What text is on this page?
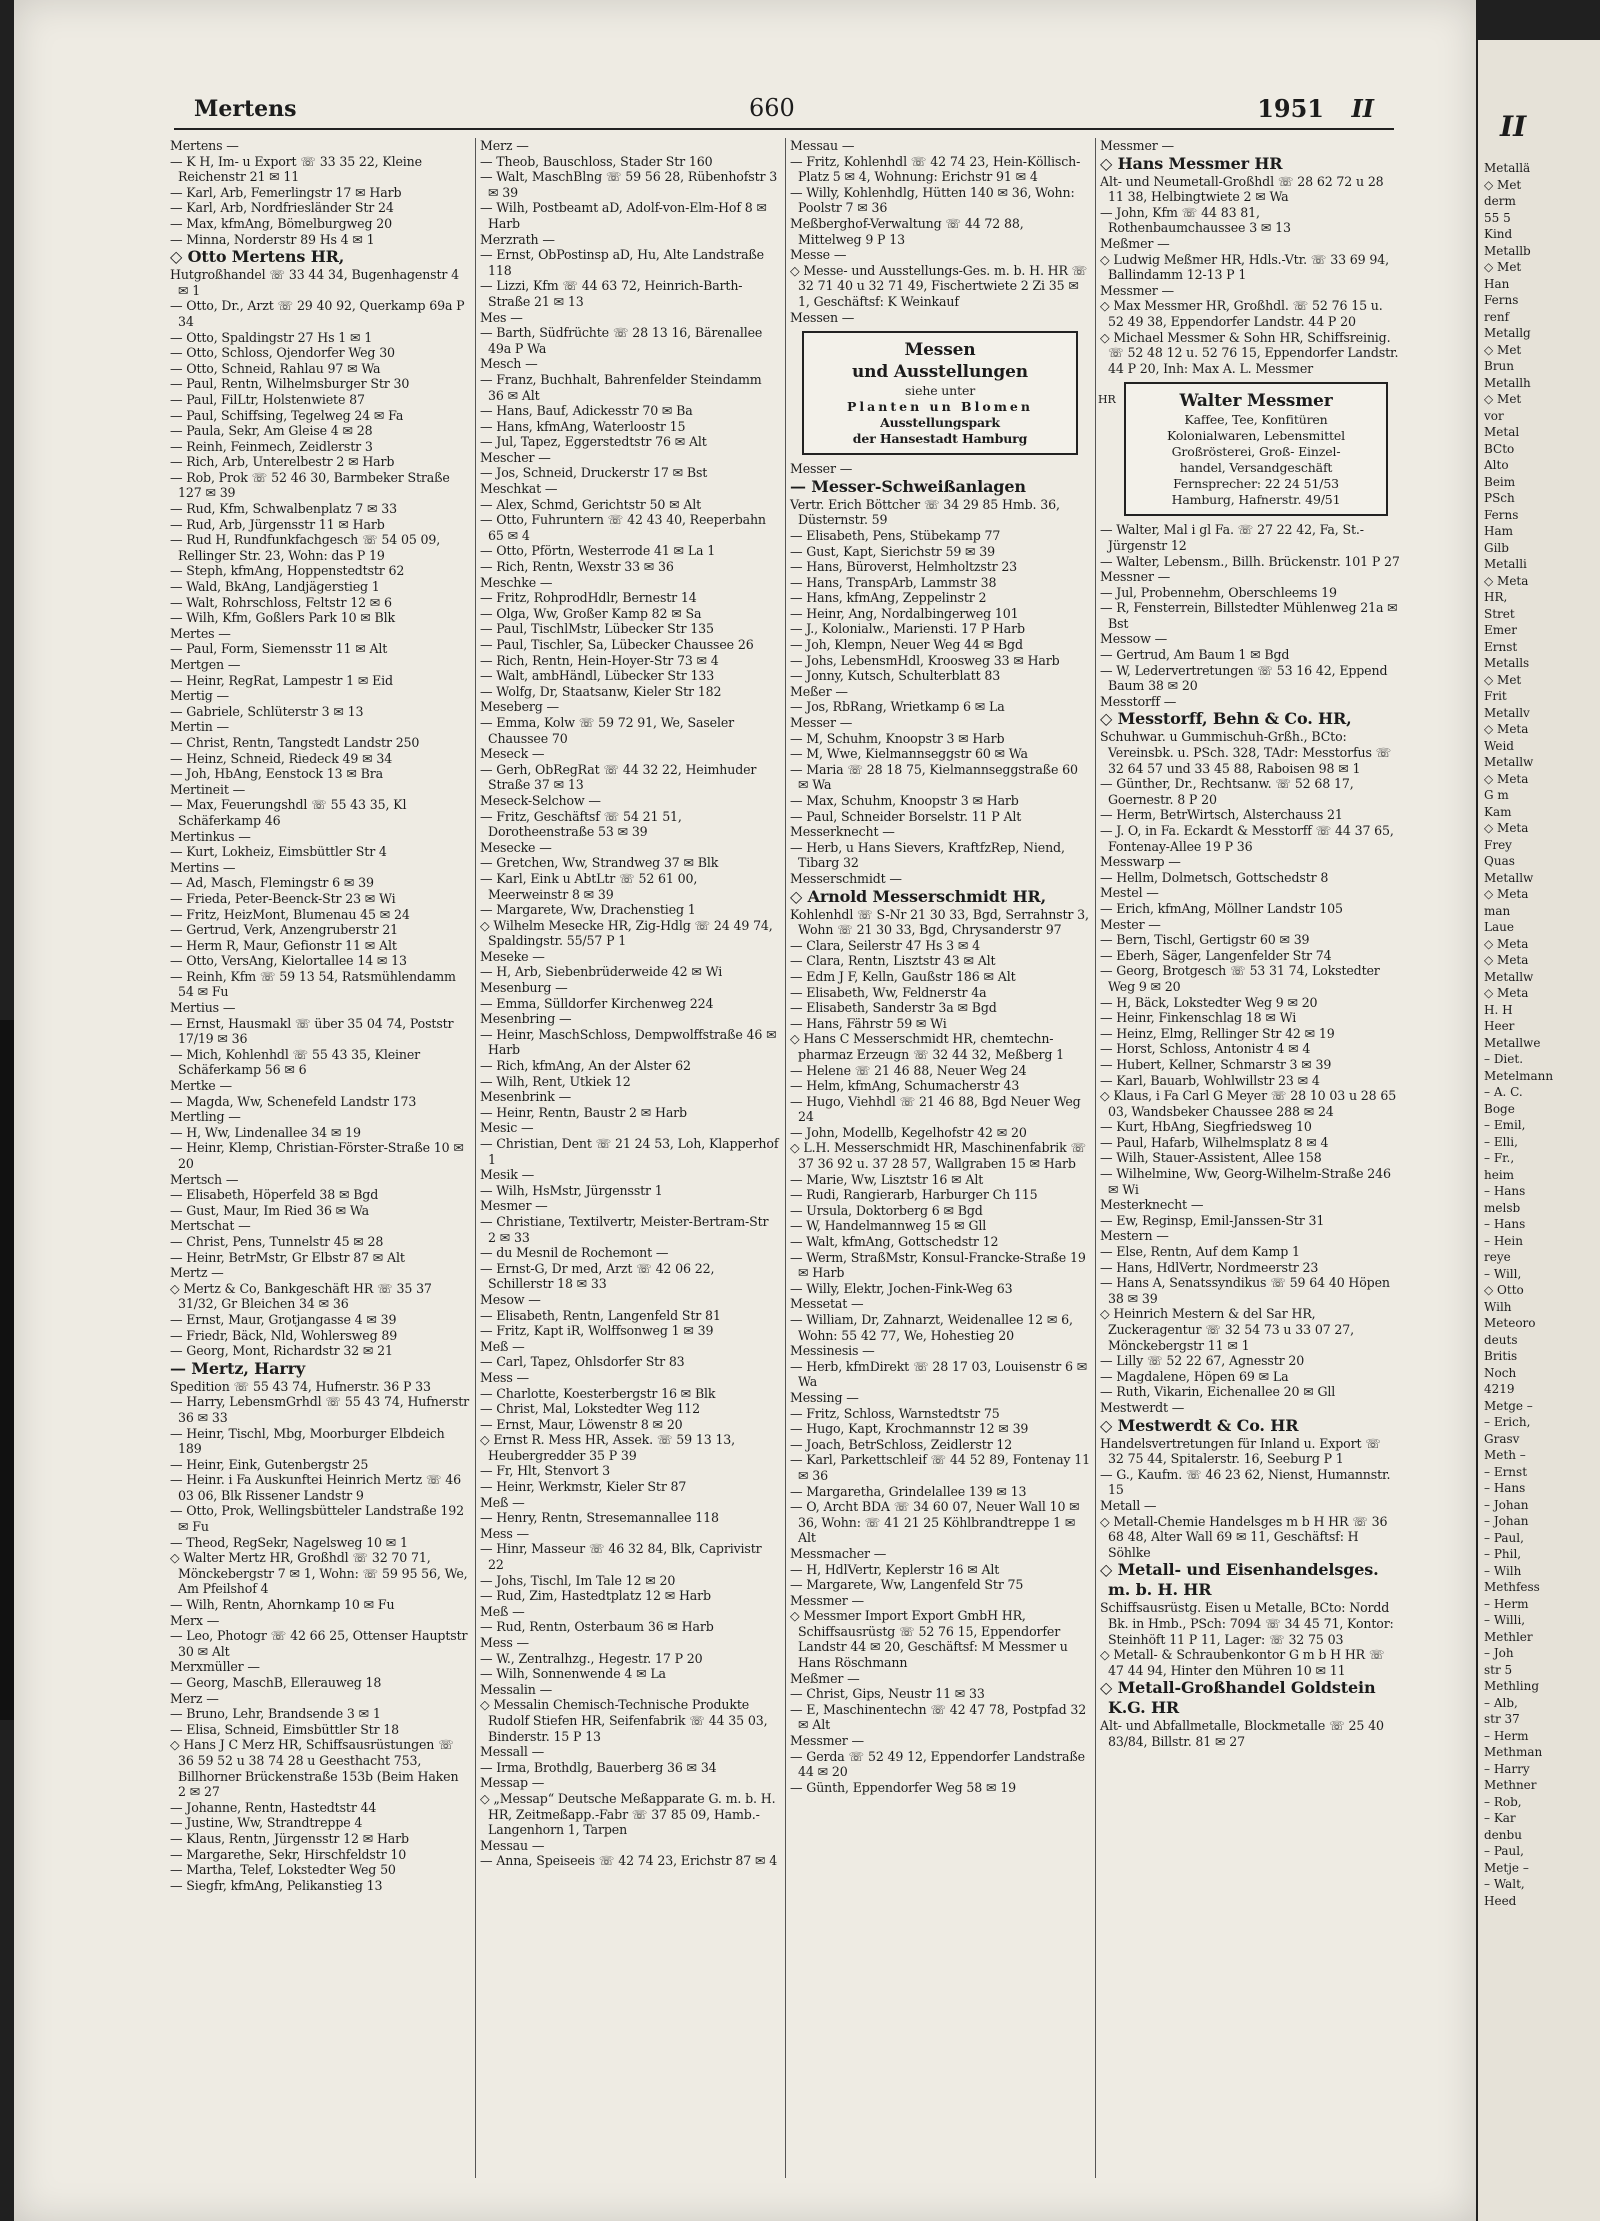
Mertens	660	1951 II
Mertens —
— K H, Im- u Export ☏ 33 35 22, Kleine Reichenstr 21 ✉ 11
— Karl, Arb, Femerlingstr 17 ✉ Harb
— Karl, Arb, Nordfriesländer Str 24
— Max, kfmAng, Bömelburgweg 20
— Minna, Norderstr 89 Hs 4 ✉ 1
◇ Otto Mertens HR,
Hutgroßhandel ☏ 33 44 34, Bugenhagenstr 4 ✉ 1
— Otto, Dr., Arzt ☏ 29 40 92, Querkamp 69a P 34
— Otto, Spaldingstr 27 Hs 1 ✉ 1
— Otto, Schloss, Ojendorfer Weg 30
— Otto, Schneid, Rahlau 97 ✉ Wa
— Paul, Rentn, Wilhelmsburger Str 30
— Paul, FilLtr, Holstenwiete 87
— Paul, Schiffsing, Tegelweg 24 ✉ Fa
— Paula, Sekr, Am Gleise 4 ✉ 28
— Reinh, Feinmech, Zeidlerstr 3
— Rich, Arb, Unterelbestr 2 ✉ Harb
— Rob, Prok ☏ 52 46 30, Barmbeker Straße 127 ✉ 39
— Rud, Kfm, Schwalbenplatz 7 ✉ 33
— Rud, Arb, Jürgensstr 11 ✉ Harb
— Rud H, Rundfunkfachgesch ☏ 54 05 09, Rellinger Str. 23, Wohn: das P 19
— Steph, kfmAng, Hoppenstedtstr 62
— Wald, BkAng, Landjägerstieg 1
— Walt, Rohrschloss, Feltstr 12 ✉ 6
— Wilh, Kfm, Goßlers Park 10 ✉ Blk
Mertes —
— Paul, Form, Siemensstr 11 ✉ Alt
Mertgen —
— Heinr, RegRat, Lampestr 1 ✉ Eid
Mertig —
— Gabriele, Schlüterstr 3 ✉ 13
Mertin —
— Christ, Rentn, Tangstedt Landstr 250
— Heinz, Schneid, Riedeck 49 ✉ 34
— Joh, HbAng, Eenstock 13 ✉ Bra
Mertineit —
— Max, Feuerungshdl ☏ 55 43 35, Kl Schäferkamp 46
Mertinkus —
— Kurt, Lokheiz, Eimsbüttler Str 4
Mertins —
— Ad, Masch, Flemingstr 6 ✉ 39
— Frieda, Peter-Beenck-Str 23 ✉ Wi
— Fritz, HeizMont, Blumenau 45 ✉ 24
— Gertrud, Verk, Anzengruberstr 21
— Herm R, Maur, Gefionstr 11 ✉ Alt
— Otto, VersAng, Kielortallee 14 ✉ 13
— Reinh, Kfm ☏ 59 13 54, Ratsmühlendamm 54 ✉ Fu
Mertius —
— Ernst, Hausmakl ☏ über 35 04 74, Poststr 17/19 ✉ 36
— Mich, Kohlenhdl ☏ 55 43 35, Kleiner Schäferkamp 56 ✉ 6
Mertke —
— Magda, Ww, Schenefeld Landstr 173
Mertling —
— H, Ww, Lindenallee 34 ✉ 19
— Heinr, Klemp, Christian-Förster-Straße 10 ✉ 20
Mertsch —
— Elisabeth, Höperfeld 38 ✉ Bgd
— Gust, Maur, Im Ried 36 ✉ Wa
Mertschat —
— Christ, Pens, Tunnelstr 45 ✉ 28
— Heinr, BetrMstr, Gr Elbstr 87 ✉ Alt
Mertz —
◇ Mertz & Co, Bankgeschäft HR ☏ 35 37 31/32, Gr Bleichen 34 ✉ 36
— Ernst, Maur, Grotjangasse 4 ✉ 39
— Friedr, Bäck, Nld, Wohlersweg 89
— Georg, Mont, Richardstr 32 ✉ 21
— Mertz, Harry
Spedition ☏ 55 43 74, Hufnerstr. 36 P 33
— Harry, LebensmGrhdl ☏ 55 43 74, Hufnerstr 36 ✉ 33
— Heinr, Tischl, Mbg, Moorburger Elbdeich 189
— Heinr, Eink, Gutenbergstr 25
— Heinr. i Fa Auskunftei Heinrich Mertz ☏ 46 03 06, Blk Rissener Landstr 9
— Otto, Prok, Wellingsbütteler Landstraße 192 ✉ Fu
— Theod, RegSekr, Nagelsweg 10 ✉ 1
◇ Walter Mertz HR, Großhdl ☏ 32 70 71, Mönckebergstr 7 ✉ 1, Wohn: ☏ 59 95 56, We, Am Pfeilshof 4
— Wilh, Rentn, Ahornkamp 10 ✉ Fu
Merx —
— Leo, Photogr ☏ 42 66 25, Ottenser Hauptstr 30 ✉ Alt
Merxmüller —
— Georg, MaschB, Ellerauweg 18
Merz —
— Bruno, Lehr, Brandsende 3 ✉ 1
— Elisa, Schneid, Eimsbüttler Str 18
◇ Hans J C Merz HR, Schiffsausrüstungen ☏ 36 59 52 u 38 74 28 u Geesthacht 753, Billhorner Brückenstraße 153b (Beim Haken 2 ✉ 27
— Johanne, Rentn, Hastedtstr 44
— Justine, Ww, Strandtreppe 4
— Klaus, Rentn, Jürgensstr 12 ✉ Harb
— Margarethe, Sekr, Hirschfeldstr 10
— Martha, Telef, Lokstedter Weg 50
— Siegfr, kfmAng, Pelikanstieg 13
Merz —
— Theob, Bauschloss, Stader Str 160
— Walt, MaschBlng ☏ 59 56 28, Rübenhofstr 3 ✉ 39
— Wilh, Postbeamt aD, Adolf-von-Elm-Hof 8 ✉ Harb
Merzrath —
— Ernst, ObPostinsp aD, Hu, Alte Landstraße 118
— Lizzi, Kfm ☏ 44 63 72, Heinrich-Barth-Straße 21 ✉ 13
Mes —
— Barth, Südfrüchte ☏ 28 13 16, Bärenallee 49a P Wa
Mesch —
— Franz, Buchhalt, Bahrenfelder Steindamm 36 ✉ Alt
— Hans, Bauf, Adickesstr 70 ✉ Ba
— Hans, kfmAng, Waterloostr 15
— Jul, Tapez, Eggerstedtstr 76 ✉ Alt
Mescher —
— Jos, Schneid, Druckerstr 17 ✉ Bst
Meschkat —
— Alex, Schmd, Gerichtstr 50 ✉ Alt
— Otto, Fuhruntern ☏ 42 43 40, Reeperbahn 65 ✉ 4
— Otto, Pförtn, Westerrode 41 ✉ La 1
— Rich, Rentn, Wexstr 33 ✉ 36
Meschke —
— Fritz, RohprodHdlr, Bernestr 14
— Olga, Ww, Großer Kamp 82 ✉ Sa
— Paul, TischlMstr, Lübecker Str 135
— Paul, Tischler, Sa, Lübecker Chaussee 26
— Rich, Rentn, Hein-Hoyer-Str 73 ✉ 4
— Walt, ambHändl, Lübecker Str 133
— Wolfg, Dr, Staatsanw, Kieler Str 182
Meseberg —
— Emma, Kolw ☏ 59 72 91, We, Saseler Chaussee 70
Meseck —
— Gerh, ObRegRat ☏ 44 32 22, Heimhuder Straße 37 ✉ 13
Meseck-Selchow —
— Fritz, Geschäftsf ☏ 54 21 51, Dorotheenstraße 53 ✉ 39
Mesecke —
— Gretchen, Ww, Strandweg 37 ✉ Blk
— Karl, Eink u AbtLtr ☏ 52 61 00, Meerweinstr 8 ✉ 39
— Margarete, Ww, Drachenstieg 1
◇ Wilhelm Mesecke HR, Zig-Hdlg ☏ 24 49 74, Spaldingstr. 55/57 P 1
Meseke —
— H, Arb, Siebenbrüderweide 42 ✉ Wi
Mesenburg —
— Emma, Sülldorfer Kirchenweg 224
Mesenbring —
— Heinr, MaschSchloss, Dempwolffstraße 46 ✉ Harb
— Rich, kfmAng, An der Alster 62
— Wilh, Rent, Utkiek 12
Mesenbrink —
— Heinr, Rentn, Baustr 2 ✉ Harb
Mesic —
— Christian, Dent ☏ 21 24 53, Loh, Klapperhof 1
Mesik —
— Wilh, HsMstr, Jürgensstr 1
Mesmer —
— Christiane, Textilvertr, Meister-Bertram-Str 2 ✉ 33
— du Mesnil de Rochemont —
— Ernst-G, Dr med, Arzt ☏ 42 06 22, Schillerstr 18 ✉ 33
Mesow —
— Elisabeth, Rentn, Langenfeld Str 81
— Fritz, Kapt iR, Wolffsonweg 1 ✉ 39
Meß —
— Carl, Tapez, Ohlsdorfer Str 83
Mess —
— Charlotte, Koesterbergstr 16 ✉ Blk
— Christ, Mal, Lokstedter Weg 112
— Ernst, Maur, Löwenstr 8 ✉ 20
◇ Ernst R. Mess HR, Assek. ☏ 59 13 13, Heubergredder 35 P 39
— Fr, Hlt, Stenvort 3
— Heinr, Werkmstr, Kieler Str 87
Meß —
— Henry, Rentn, Stresemannallee 118
Mess —
— Hinr, Masseur ☏ 46 32 84, Blk, Caprivistr 22
— Johs, Tischl, Im Tale 12 ✉ 20
— Rud, Zim, Hastedtplatz 12 ✉ Harb
Meß —
— Rud, Rentn, Osterbaum 36 ✉ Harb
Mess —
— W., Zentralhzg., Hegestr. 17 P 20
— Wilh, Sonnenwende 4 ✉ La
Messalin —
◇ Messalin Chemisch-Technische Produkte Rudolf Stiefen HR, Seifenfabrik ☏ 44 35 03, Binderstr. 15 P 13
Messall —
— Irma, Brothdlg, Bauerberg 36 ✉ 34
Messap —
◇ „Messap“ Deutsche Meßapparate G. m. b. H. HR, Zeitmeßapp.-Fabr ☏ 37 85 09, Hamb.-Langenhorn 1, Tarpen
Messau —
— Anna, Speiseeis ☏ 42 74 23, Erichstr 87 ✉ 4
Messau —
— Fritz, Kohlenhdl ☏ 42 74 23, Hein-Köllisch-Platz 5 ✉ 4, Wohnung: Erichstr 91 ✉ 4
— Willy, Kohlenhdlg, Hütten 140 ✉ 36, Wohn: Poolstr 7 ✉ 36
Meßberghof-Verwaltung ☏ 44 72 88, Mittelweg 9 P 13
Messe —
◇ Messe- und Ausstellungs-Ges. m. b. H. HR ☏ 32 71 40 u 32 71 49, Fischertwiete 2 Zi 35 ✉ 1, Geschäftsf: K Weinkauf
Messen —
Messen
und Ausstellungen
siehe unter
Planten un Blomen
Ausstellungspark
der Hansestadt Hamburg
Messer —
— Messer-Schweißanlagen
Vertr. Erich Böttcher ☏ 34 29 85 Hmb. 36, Düsternstr. 59
— Elisabeth, Pens, Stübekamp 77
— Gust, Kapt, Sierichstr 59 ✉ 39
— Hans, Büroverst, Helmholtzstr 23
— Hans, TranspArb, Lammstr 38
— Hans, kfmAng, Zeppelinstr 2
— Heinr, Ang, Nordalbingerweg 101
— J., Kolonialw., Mariensti. 17 P Harb
— Joh, Klempn, Neuer Weg 44 ✉ Bgd
— Johs, LebensmHdl, Kroosweg 33 ✉ Harb
— Jonny, Kutsch, Schulterblatt 83
Meßer —
— Jos, RbRang, Wrietkamp 6 ✉ La
Messer —
— M, Schuhm, Knoopstr 3 ✉ Harb
— M, Wwe, Kielmannseggstr 60 ✉ Wa
— Maria ☏ 28 18 75, Kielmannseggstraße 60 ✉ Wa
— Max, Schuhm, Knoopstr 3 ✉ Harb
— Paul, Schneider Borselstr. 11 P Alt
Messerknecht —
— Herb, u Hans Sievers, KraftfzRep, Niend, Tibarg 32
Messerschmidt —
◇ Arnold Messerschmidt HR,
Kohlenhdl ☏ S-Nr 21 30 33, Bgd, Serrahnstr 3, Wohn ☏ 21 30 33, Bgd, Chrysanderstr 97
— Clara, Seilerstr 47 Hs 3 ✉ 4
— Clara, Rentn, Lisztstr 43 ✉ Alt
— Edm J F, Kelln, Gaußstr 186 ✉ Alt
— Elisabeth, Ww, Feldnerstr 4a
— Elisabeth, Sanderstr 3a ✉ Bgd
— Hans, Fährstr 59 ✉ Wi
◇ Hans C Messerschmidt HR, chemtechn-pharmaz Erzeugn ☏ 32 44 32, Meßberg 1
— Helene ☏ 21 46 88, Neuer Weg 24
— Helm, kfmAng, Schumacherstr 43
— Hugo, Viehhdl ☏ 21 46 88, Bgd Neuer Weg 24
— John, Modellb, Kegelhofstr 42 ✉ 20
◇ L.H. Messerschmidt HR, Maschinenfabrik ☏ 37 36 92 u. 37 28 57, Wallgraben 15 ✉ Harb
— Marie, Ww, Lisztstr 16 ✉ Alt
— Rudi, Rangierarb, Harburger Ch 115
— Ursula, Doktorberg 6 ✉ Bgd
— W, Handelmannweg 15 ✉ Gll
— Walt, kfmAng, Gottschedstr 12
— Werm, StraßMstr, Konsul-Francke-Straße 19 ✉ Harb
— Willy, Elektr, Jochen-Fink-Weg 63
Messetat —
— William, Dr, Zahnarzt, Weidenallee 12 ✉ 6, Wohn: 55 42 77, We, Hohestieg 20
Messinesis —
— Herb, kfmDirekt ☏ 28 17 03, Louisenstr 6 ✉ Wa
Messing —
— Fritz, Schloss, Warnstedtstr 75
— Hugo, Kapt, Krochmannstr 12 ✉ 39
— Joach, BetrSchloss, Zeidlerstr 12
— Karl, Parkettschleif ☏ 44 52 89, Fontenay 11 ✉ 36
— Margaretha, Grindelallee 139 ✉ 13
— O, Archt BDA ☏ 34 60 07, Neuer Wall 10 ✉ 36, Wohn: ☏ 41 21 25 Köhlbrandtreppe 1 ✉ Alt
Messmacher —
— H, HdlVertr, Keplerstr 16 ✉ Alt
— Margarete, Ww, Langenfeld Str 75
Messmer —
◇ Messmer Import Export GmbH HR, Schiffsausrüstg ☏ 52 76 15, Eppendorfer Landstr 44 ✉ 20, Geschäftsf: M Messmer u Hans Röschmann
Meßmer —
— Christ, Gips, Neustr 11 ✉ 33
— E, Maschinentechn ☏ 42 47 78, Postpfad 32 ✉ Alt
Messmer —
— Gerda ☏ 52 49 12, Eppendorfer Landstraße 44 ✉ 20
— Günth, Eppendorfer Weg 58 ✉ 19
Messmer —
◇ Hans Messmer HR
Alt- und Neumetall-Großhdl ☏ 28 62 72 u 28 11 38, Helbingtwiete 2 ✉ Wa
— John, Kfm ☏ 44 83 81, Rothenbaumchaussee 3 ✉ 13
Meßmer —
◇ Ludwig Meßmer HR, Hdls.-Vtr. ☏ 33 69 94, Ballindamm 12-13 P 1
Messmer —
◇ Max Messmer HR, Großhdl. ☏ 52 76 15 u. 52 49 38, Eppendorfer Landstr. 44 P 20
◇ Michael Messmer & Sohn HR, Schiffsreinig. ☏ 52 48 12 u. 52 76 15, Eppendorfer Landstr. 44 P 20, Inh: Max A. L. Messmer
HR	Walter Messmer
Kaffee, Tee, Konfitüren
Kolonialwaren, Lebensmittel
Großrösterei, Groß- Einzel-
handel, Versandgeschäft
Fernsprecher: 22 24 51/53
Hamburg, Hafnerstr. 49/51
— Walter, Mal i gl Fa. ☏ 27 22 42, Fa, St.-Jürgenstr 12
— Walter, Lebensm., Billh. Brückenstr. 101 P 27
Messner —
— Jul, Probennehm, Oberschleems 19
— R, Fensterrein, Billstedter Mühlenweg 21a ✉ Bst
Messow —
— Gertrud, Am Baum 1 ✉ Bgd
— W, Ledervertretungen ☏ 53 16 42, Eppend Baum 38 ✉ 20
Messtorff —
◇ Messtorff, Behn & Co. HR,
Schuhwar. u Gummischuh-Grßh., BCto: Vereinsbk. u. PSch. 328, TAdr: Messtorfus ☏ 32 64 57 und 33 45 88, Raboisen 98 ✉ 1
— Günther, Dr., Rechtsanw. ☏ 52 68 17, Goernestr. 8 P 20
— Herm, BetrWirtsch, Alsterchauss 21
— J. O, in Fa. Eckardt & Messtorff ☏ 44 37 65, Fontenay-Allee 19 P 36
Messwarp —
— Hellm, Dolmetsch, Gottschedstr 8
Mestel —
— Erich, kfmAng, Möllner Landstr 105
Mester —
— Bern, Tischl, Gertigstr 60 ✉ 39
— Eberh, Säger, Langenfelder Str 74
— Georg, Brotgesch ☏ 53 31 74, Lokstedter Weg 9 ✉ 20
— H, Bäck, Lokstedter Weg 9 ✉ 20
— Heinr, Finkenschlag 18 ✉ Wi
— Heinz, Elmg, Rellinger Str 42 ✉ 19
— Horst, Schloss, Antonistr 4 ✉ 4
— Hubert, Kellner, Schmarstr 3 ✉ 39
— Karl, Bauarb, Wohlwillstr 23 ✉ 4
◇ Klaus, i Fa Carl G Meyer ☏ 28 10 03 u 28 65 03, Wandsbeker Chaussee 288 ✉ 24
— Kurt, HbAng, Siegfriedsweg 10
— Paul, Hafarb, Wilhelmsplatz 8 ✉ 4
— Wilh, Stauer-Assistent, Allee 158
— Wilhelmine, Ww, Georg-Wilhelm-Straße 246 ✉ Wi
Mesterknecht —
— Ew, Reginsp, Emil-Janssen-Str 31
Mestern —
— Else, Rentn, Auf dem Kamp 1
— Hans, HdlVertr, Nordmeerstr 23
— Hans A, Senatssyndikus ☏ 59 64 40 Höpen 38 ✉ 39
◇ Heinrich Mestern & del Sar HR, Zuckeragentur ☏ 32 54 73 u 33 07 27, Mönckebergstr 11 ✉ 1
— Lilly ☏ 52 22 67, Agnesstr 20
— Magdalene, Höpen 69 ✉ La
— Ruth, Vikarin, Eichenallee 20 ✉ Gll
Mestwerdt —
◇ Mestwerdt & Co. HR
Handelsvertretungen für Inland u. Export ☏ 32 75 44, Spitalerstr. 16, Seeburg P 1
— G., Kaufm. ☏ 46 23 62, Nienst, Humannstr. 15
Metall —
◇ Metall-Chemie Handelsges m b H HR ☏ 36 68 48, Alter Wall 69 ✉ 11, Geschäftsf: H Söhlke
◇ Metall- und Eisenhandelsges. m. b. H. HR
Schiffsausrüstg. Eisen u Metalle, BCto: Nordd Bk. in Hmb., PSch: 7094 ☏ 34 45 71, Kontor: Steinhöft 11 P 11, Lager: ☏ 32 75 03
◇ Metall- & Schraubenkontor G m b H HR ☏ 47 44 94, Hinter den Mühren 10 ✉ 11
◇ Metall-Großhandel Goldstein K.G. HR
Alt- und Abfallmetalle, Blockmetalle ☏ 25 40 83/84, Billstr. 81 ✉ 27
II
Metallä
◇ Met
derm
55 5
Kind
Metallb
◇ Met
Han
Ferns
renf
Metallg
◇ Met
Brun
Metallh
◇ Met
vor
Metal
BCto
Alto
Beim
PSch
Ferns
Ham
Gilb
Metalli
◇ Meta
HR,
Stret
Emer
Ernst
Metalls
◇ Met
Frit
Metallv
◇ Meta
Weid
Metallw
◇ Meta
G m
Kam
◇ Meta
Frey
Quas
Metallw
◇ Meta
man
Laue
◇ Meta
◇ Meta
Metallw
◇ Meta
H. H
Heer
Metallwe
– Diet.
Metelmann
– A. C.
Boge
– Emil,
– Elli,
– Fr.,
heim
– Hans
melsb
– Hans
– Hein
reye
– Will,
◇ Otto
Wilh
Meteoro
deuts
Britis
Noch
4219
Metge –
– Erich,
Grasv
Meth –
– Ernst
– Hans
– Johan
– Johan
– Paul,
– Phil,
– Wilh
Methfess
– Herm
– Willi,
Methler
– Joh
str 5
Methling
– Alb,
str 37
– Herm
Methman
– Harry
Methner
– Rob,
– Kar
denbu
– Paul,
Metje –
– Walt,
Heed
